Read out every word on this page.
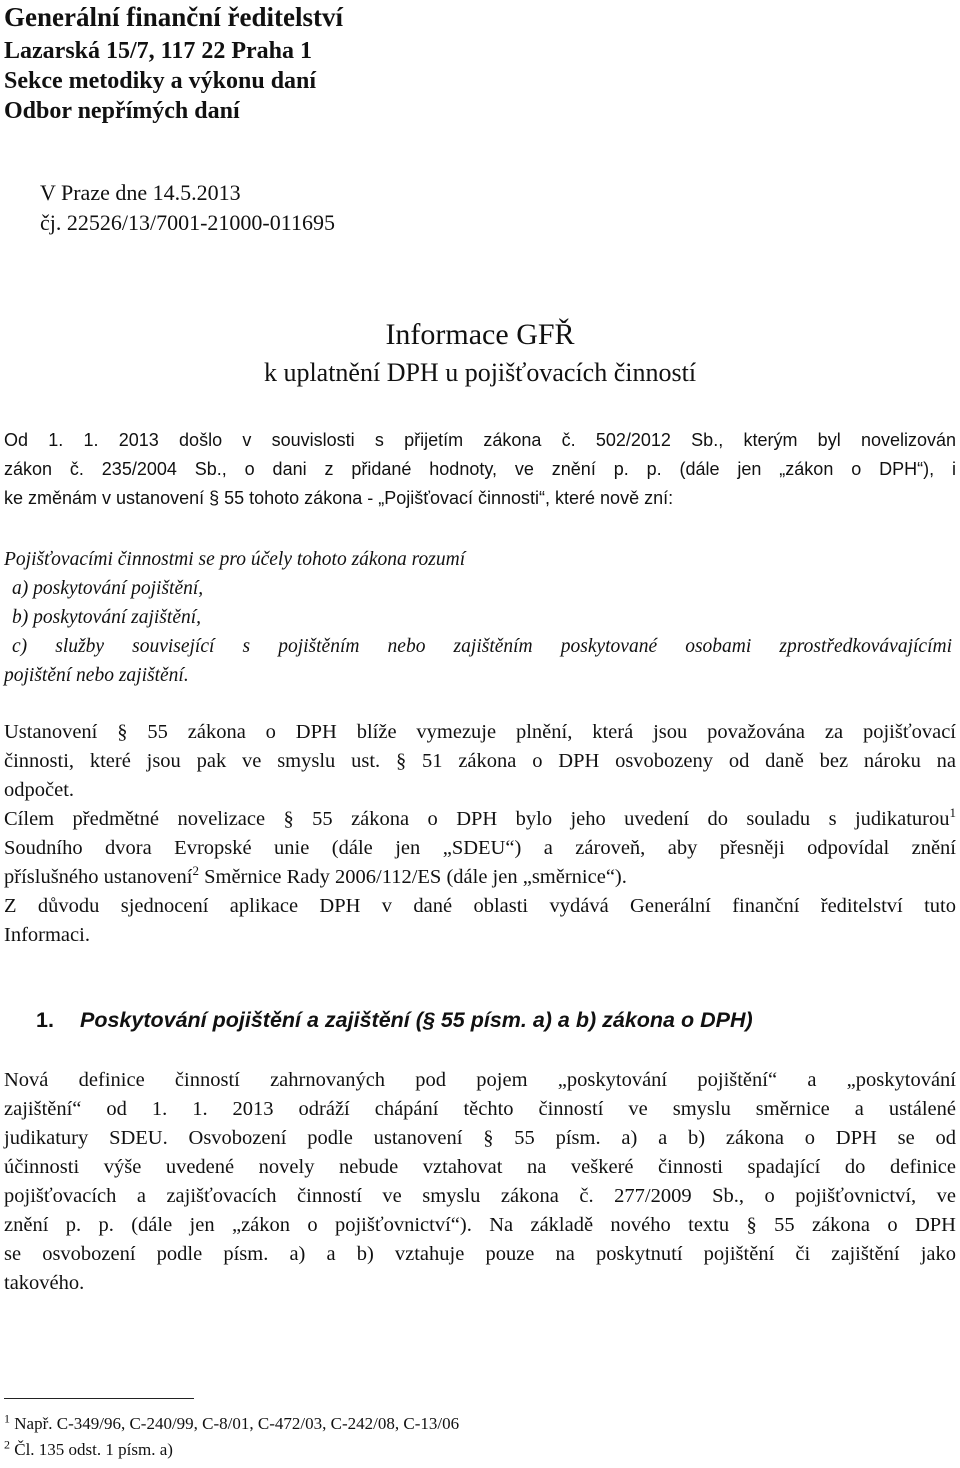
Generální finanční ředitelství
Lazarská 15/7, 117 22 Praha 1
Sekce metodiky a výkonu daní
Odbor nepřímých daní
V Praze dne 14.5.2013
čj. 22526/13/7001-21000-011695
Informace GFŘ
k uplatnění DPH u pojišťovacích činností
Od 1. 1. 2013 došlo v souvislosti s přijetím zákona č. 502/2012 Sb., kterým byl novelizován
zákon č. 235/2004 Sb., o dani z přidané hodnoty, ve znění p. p. (dále jen „zákon o DPH“), i
ke změnám v ustanovení § 55 tohoto zákona - „Pojišťovací činnosti“, které nově zní:
Pojišťovacími činnostmi se pro účely tohoto zákona rozumí
a) poskytování pojištění,
b) poskytování zajištění,
c) služby související s pojištěním nebo zajištěním poskytované osobami zprostředkovávajícími
pojištění nebo zajištění.
Ustanovení § 55 zákona o DPH blíže vymezuje plnění, která jsou považována za pojišťovací
činnosti, které jsou pak ve smyslu ust. § 51 zákona o DPH osvobozeny od daně bez nároku na
odpočet.
Cílem předmětné novelizace § 55 zákona o DPH bylo jeho uvedení do souladu s judikaturou$^1$
Soudního dvora Evropské unie (dále jen „SDEU“) a zároveň, aby přesněji odpovídal znění
příslušného ustanovení$^2$ Směrnice Rady 2006/112/ES (dále jen „směrnice“).
Z důvodu sjednocení aplikace DPH v dané oblasti vydává Generální finanční ředitelství tuto
Informaci.
1. Poskytování pojištění a zajištění (§ 55 písm. a) a b) zákona o DPH)
Nová definice činností zahrnovaných pod pojem „poskytování pojištění“ a „poskytování
zajištění“ od 1. 1. 2013 odráží chápání těchto činností ve smyslu směrnice a ustálené
judikatury SDEU. Osvobození podle ustanovení § 55 písm. a) a b) zákona o DPH se od
účinnosti výše uvedené novely nebude vztahovat na veškeré činnosti spadající do definice
pojišťovacích a zajišťovacích činností ve smyslu zákona č. 277/2009 Sb., o pojišťovnictví, ve
znění p. p. (dále jen „zákon o pojišťovnictví“). Na základě nového textu § 55 zákona o DPH
se osvobození podle písm. a) a b) vztahuje pouze na poskytnutí pojištění či zajištění jako
takového.
$^1$ Např. C-349/96, C-240/99, C-8/01, C-472/03, C-242/08, C-13/06
$^2$ Čl. 135 odst. 1 písm. a)
